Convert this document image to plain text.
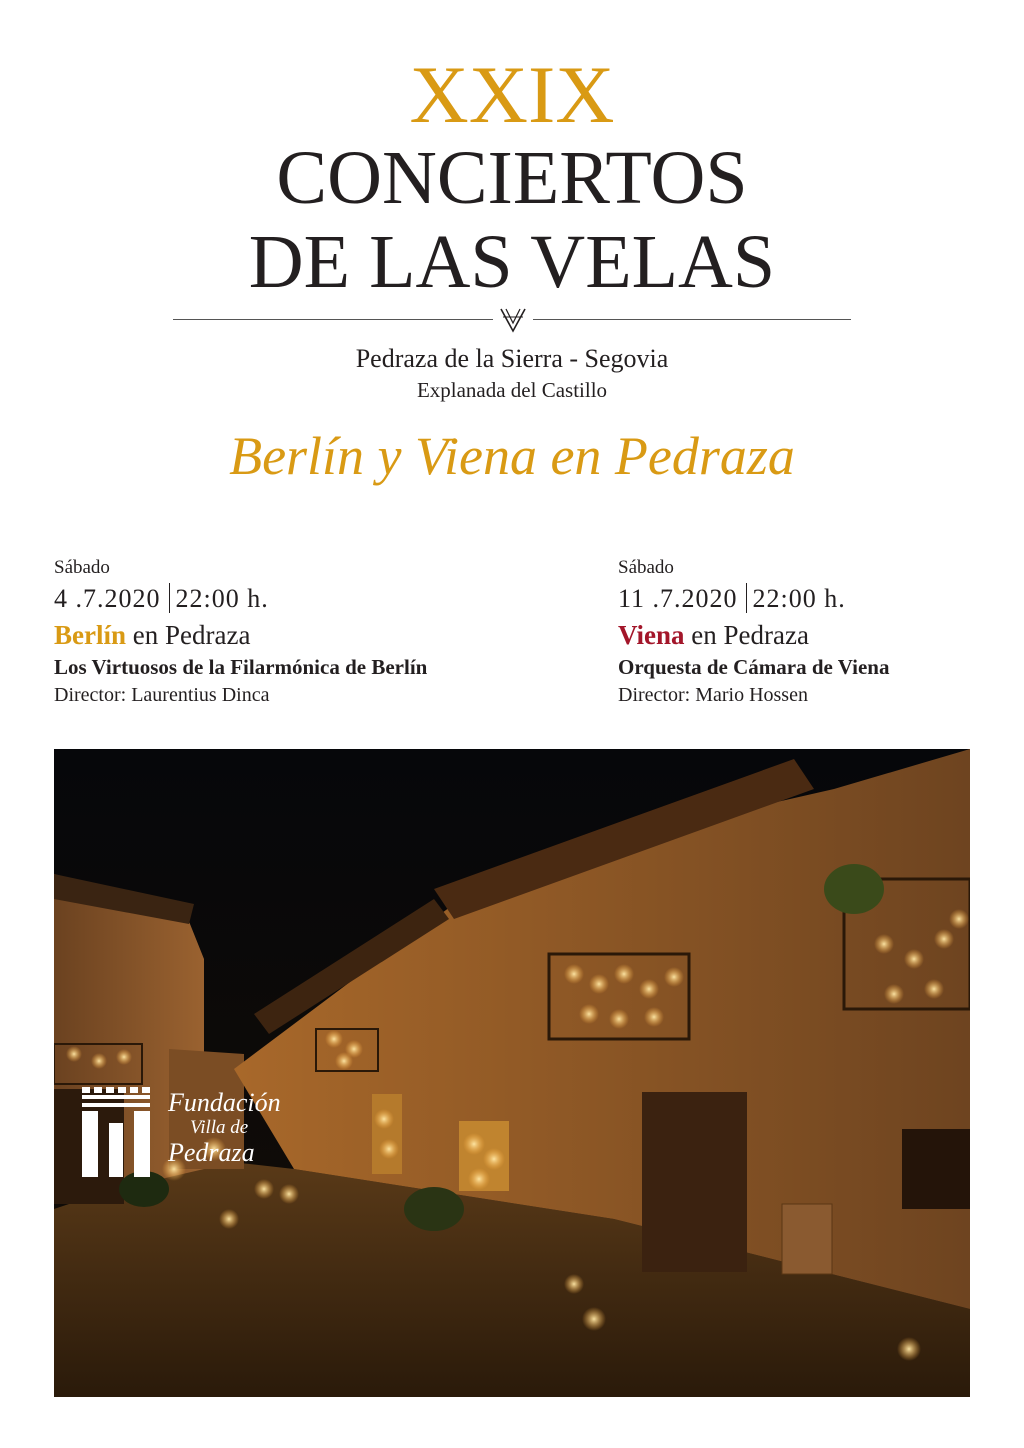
XXIX
CONCIERTOS
DE LAS VELAS
Pedraza de la Sierra - Segovia
Explanada del Castillo
Berlín y Viena en Pedraza
Sábado
4 .7.2020 22:00 h.
Berlín en Pedraza
Los Virtuosos de la Filarmónica de Berlín
Director: Laurentius Dinca
Sábado
11 .7.2020 22:00 h.
Viena en Pedraza
Orquesta de Cámara de Viena
Director: Mario Hossen
Fundación
Villa de
Pedraza
